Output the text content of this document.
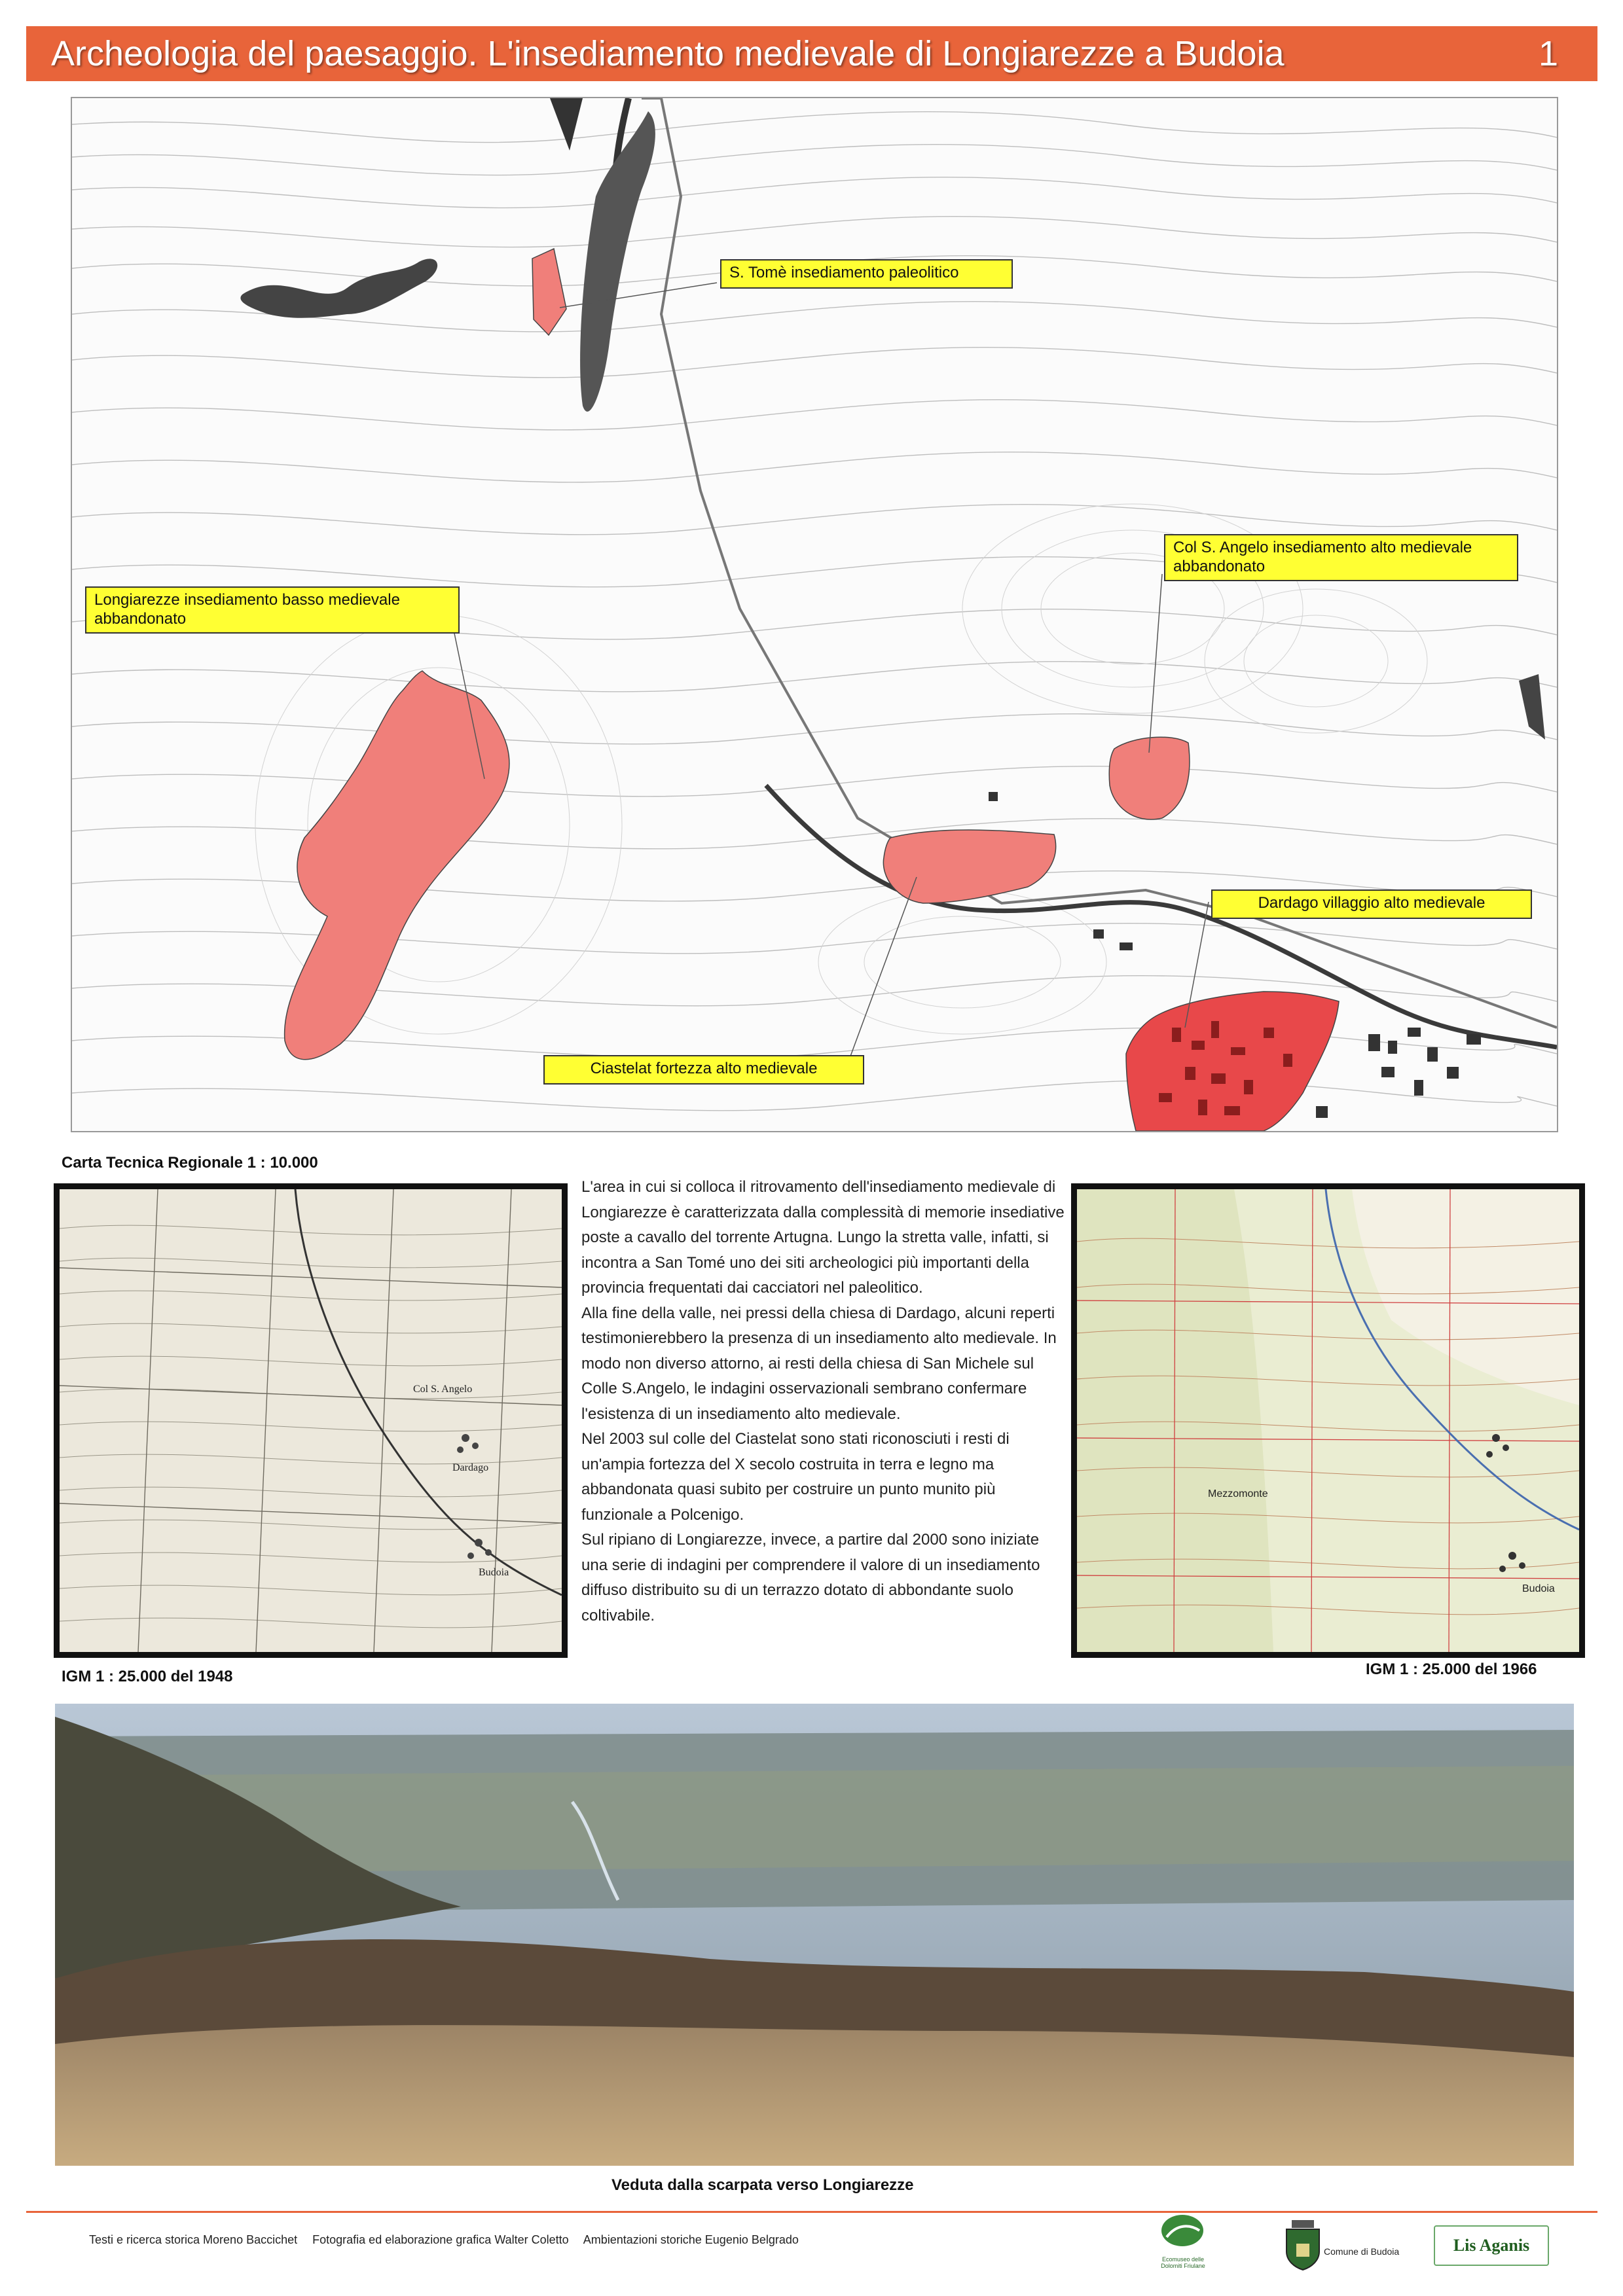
Archeologia del paesaggio. L'insediamento medievale di Longiarezze a Budoia	1
S. Tomè insediamento paleolitico
Col S. Angelo insediamento alto medievale abbandonato
Longiarezze insediamento basso medievale abbandonato
Dardago villaggio alto medievale
Ciastelat fortezza alto medievale
Carta Tecnica Regionale 1 : 10.000
Col S. Angelo
Dardago
Budoia
IGM 1 : 25.000 del 1948

L'area in cui si colloca il ritrovamento dell'insediamento medievale di Longiarezze è caratterizzata dalla complessità di memorie insediative poste a cavallo del torrente Artugna. Lungo la stretta valle, infatti, si incontra a San Tomé uno dei siti archeologici più importanti della provincia frequentati dai cacciatori nel paleolitico.

Alla fine della valle, nei pressi della chiesa di Dardago, alcuni reperti testimonierebbero la presenza di un insediamento alto medievale. In modo non diverso attorno, ai resti della chiesa di San Michele sul Colle S.Angelo, le indagini osservazionali sembrano confermare l'esistenza di un insediamento alto medievale.

Nel 2003 sul colle del Ciastelat sono stati riconosciuti i resti di un'ampia fortezza del X secolo costruita in terra e legno ma abbandonata quasi subito per costruire un punto munito più funzionale a Polcenigo.

Sul ripiano di Longiarezze, invece, a partire dal 2000 sono iniziate una serie di indagini per comprendere il valore di un insediamento diffuso distribuito su di un terrazzo dotato di abbondante suolo coltivabile.

Mezzomonte
Budoia
IGM 1 : 25.000 del 1966
Veduta dalla scarpata verso Longiarezze
Testi e ricerca storica Moreno Baccichet Fotografia ed elaborazione grafica Walter Coletto Ambientazioni storiche Eugenio Belgrado
Ecomuseo delle Dolomiti Friulane
Comune di Budoia	Lis Aganis
